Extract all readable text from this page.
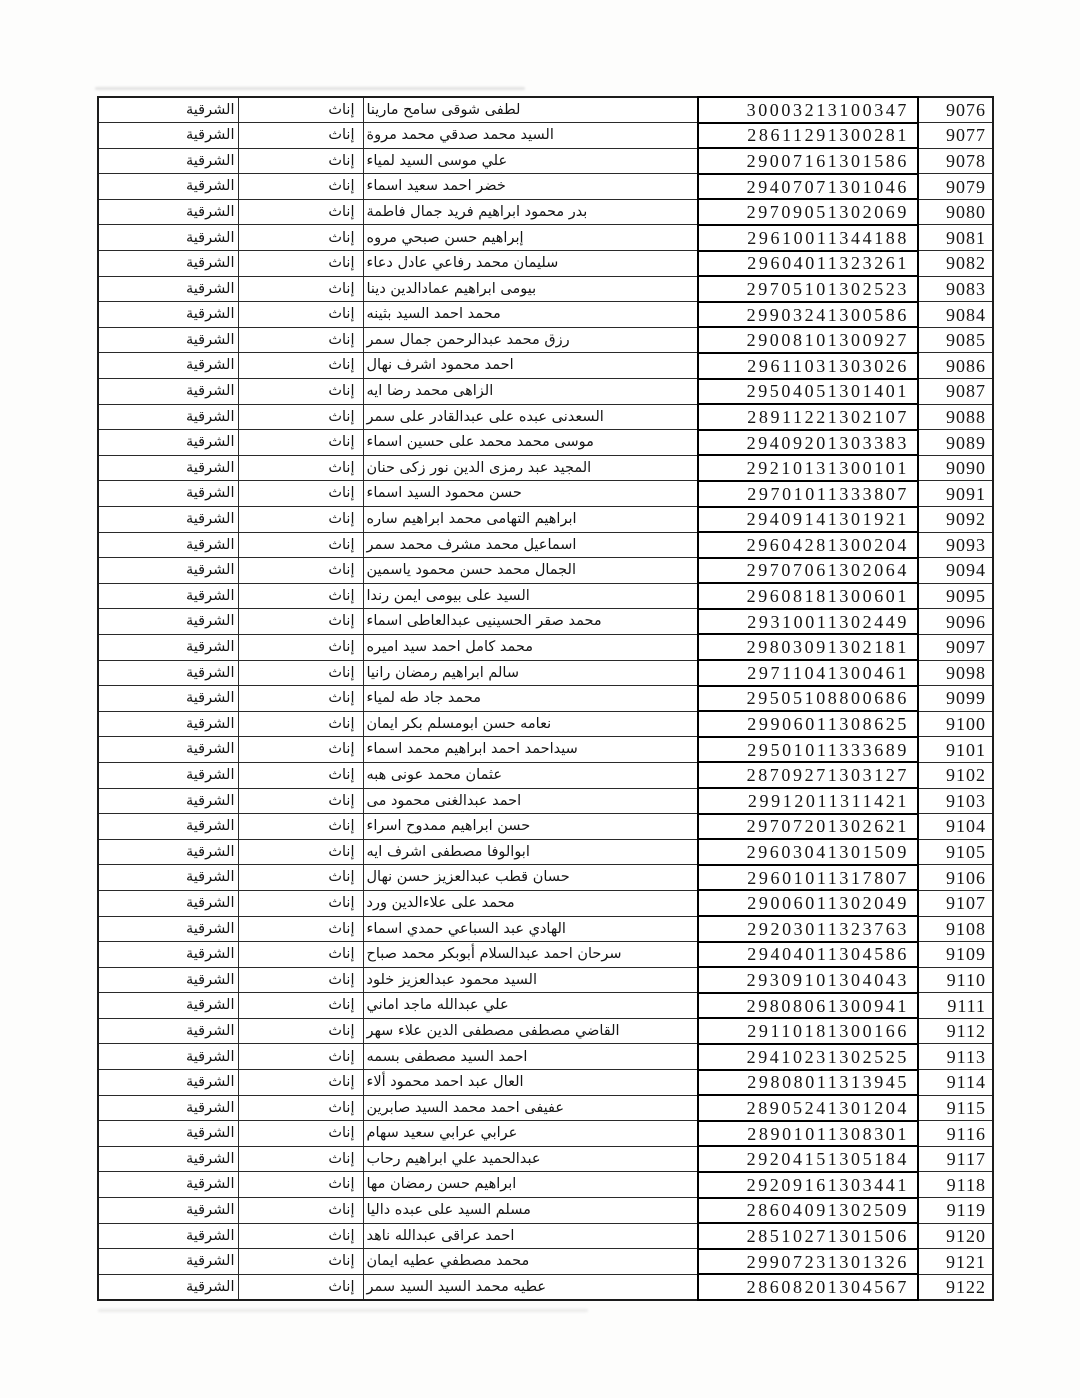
الشرقية	إناث	لطفى شوقى سامح مارينا	30003213100347	9076
الشرقية	إناث	السيد محمد صدقي محمد مروة	28611291300281	9077
الشرقية	إناث	علي موسى السيد لمياء	29007161301586	9078
الشرقية	إناث	خضر احمد سعيد اسماء	29407071301046	9079
الشرقية	إناث	بدر محمود ابراهيم فريد جمال فاطمة	29709051302069	9080
الشرقية	إناث	إبراهيم حسن صبحي مروه	29610011344188	9081
الشرقية	إناث	سليمان محمد رفاعي عادل دعاء	29604011323261	9082
الشرقية	إناث	بيومى ابراهيم عمادالدين دينا	29705101302523	9083
الشرقية	إناث	محمد احمد السيد بثينه	29903241300586	9084
الشرقية	إناث	رزق محمد عبدالرحمن جمال سمر	29008101300927	9085
الشرقية	إناث	احمد محمود اشرف نهال	29611031303026	9086
الشرقية	إناث	الزاهى محمد رضا ايه	29504051301401	9087
الشرقية	إناث	السعدنى عبده على عبدالقادر على سمر	28911221302107	9088
الشرقية	إناث	موسى محمد محمد على حسين اسماء	29409201303383	9089
الشرقية	إناث	المجيد عبد رمزى الدين نور زكى حنان	29210131300101	9090
الشرقية	إناث	حسن محمود السيد اسماء	29701011333807	9091
الشرقية	إناث	ابراهيم التهامى محمد ابراهيم ساره	29409141301921	9092
الشرقية	إناث	اسماعيل محمد مشرف محمد سمر	29604281300204	9093
الشرقية	إناث	الجمال محمد حسن محمود ياسمين	29707061302064	9094
الشرقية	إناث	السيد على بيومى ايمن رندا	29608181300601	9095
الشرقية	إناث	محمد صقر الحسينيى عبدالعاطى اسماء	29310011302449	9096
الشرقية	إناث	محمد كامل احمد سيد اميره	29803091302181	9097
الشرقية	إناث	سالم ابراهيم رمضان رانيا	29711041300461	9098
الشرقية	إناث	محمد جاد طه لمياء	29505108800686	9099
الشرقية	إناث	نعامه حسن ابومسلم بكر ايمان	29906011308625	9100
الشرقية	إناث	سيداحمد احمد ابراهيم محمد اسماء	29501011333689	9101
الشرقية	إناث	عثمان محمد عونى هبه	28709271303127	9102
الشرقية	إناث	احمد عبدالغنى محمود مى	29912011311421	9103
الشرقية	إناث	حسن ابراهيم ممدوح اسراء	29707201302621	9104
الشرقية	إناث	ابوالوفا مصطفى اشرف ايه	29603041301509	9105
الشرقية	إناث	حسان قطب عبدالعزيز حسن نهال	29601011317807	9106
الشرقية	إناث	محمد على علاءالدين ورد	29006011302049	9107
الشرقية	إناث	الهادي عبد السباعي حمدي اسماء	29203011323763	9108
الشرقية	إناث	سرحان احمد عبدالسلام أبوبكر محمد صباح	29404011304586	9109
الشرقية	إناث	السيد محمود عبدالعزيز خلود	29309101304043	9110
الشرقية	إناث	علي عبدالله ماجد اماني	29808061300941	9111
الشرقية	إناث	القاضي مصطفى مصطفى الدين علاء سهر	29110181300166	9112
الشرقية	إناث	احمد السيد مصطفى بسمه	29410231302525	9113
الشرقية	إناث	العال عبد احمد محمود ألاء	29808011313945	9114
الشرقية	إناث	عفيفى احمد محمد السيد صابرين	28905241301204	9115
الشرقية	إناث	عرابي عرابي سعيد سهام	28901011308301	9116
الشرقية	إناث	عبدالحميد علي ابراهيم رحاب	29204151305184	9117
الشرقية	إناث	ابراهيم حسن رمضان مها	29209161303441	9118
الشرقية	إناث	مسلم السيد على عبده داليا	28604091302509	9119
الشرقية	إناث	احمد عراقى عبدالله ناهد	28510271301506	9120
الشرقية	إناث	محمد مصطفي عطيه ايمان	29907231301326	9121
الشرقية	إناث	عطيه محمد السيد السيد سمر	28608201304567	9122
